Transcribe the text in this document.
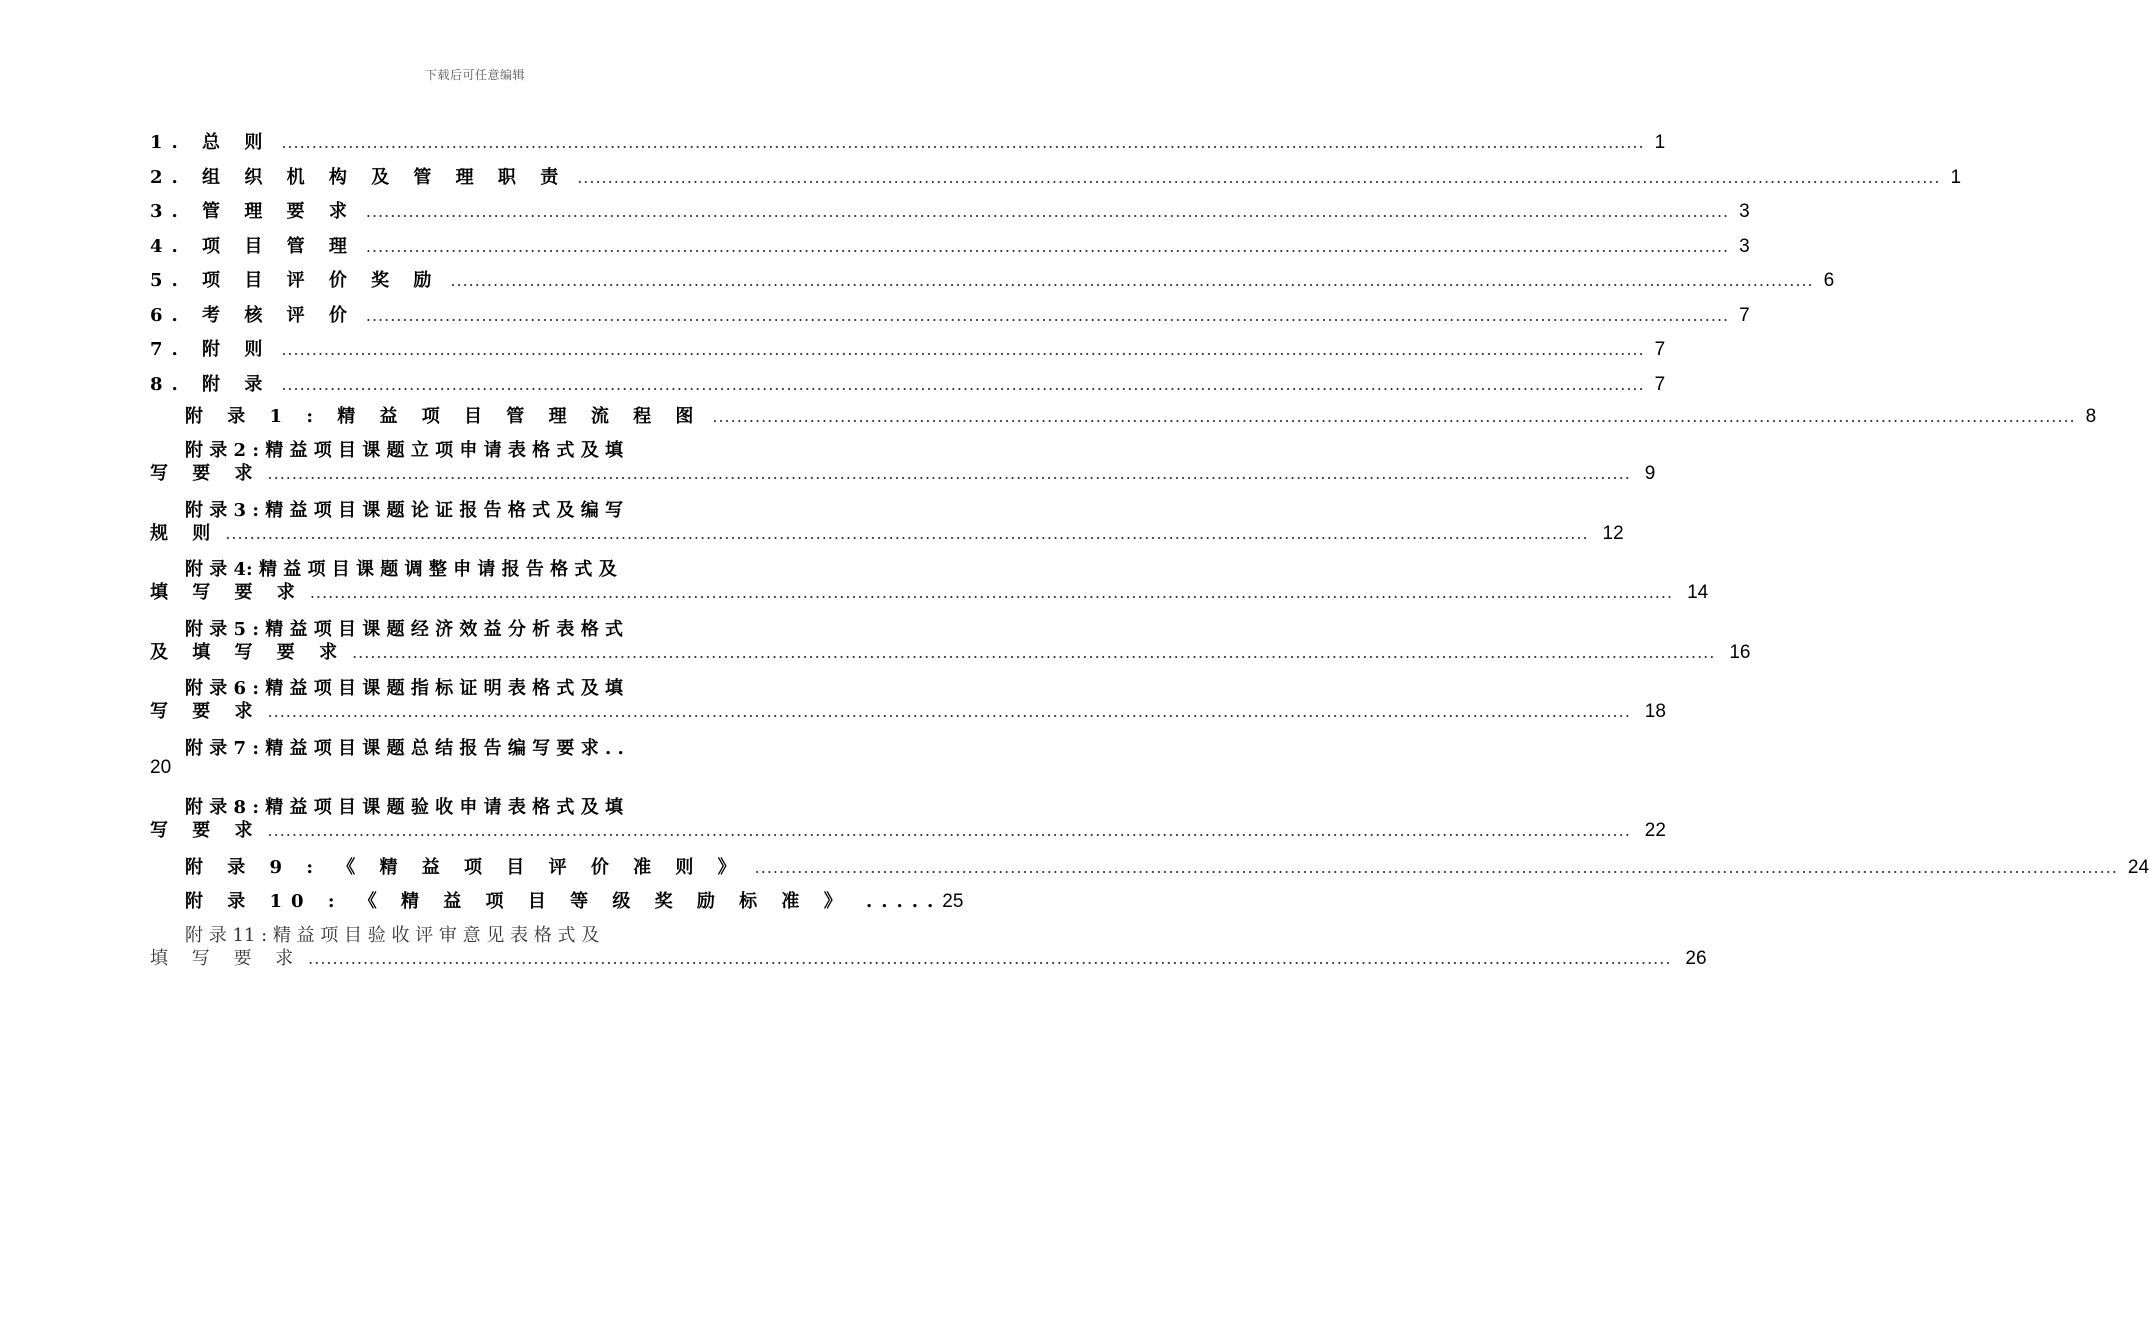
下载后可任意编辑
1. 总 则 .....	1
2. 组 织 机 构 及 管 理 职 责 .....	1
3. 管 理 要 求 .....	3
4. 项 目 管 理 .....	3
5. 项 目 评 价 奖 励 .....	6
6. 考 核 评 价 .....	7
7. 附 则 .....	7
8. 附 录 .....	7
附 录 1 : 精 益 项 目 管 理 流 程 图 .....	8
附 录 2 : 精 益 项 目 课 题 立 项 申 请 表 格 式 及 填
写 要 求 .....	9
附 录 3 : 精 益 项 目 课 题 论 证 报 告 格 式 及 编 写
规 则 .....	12
附 录 4: 精 益 项 目 课 题 调 整 申 请 报 告 格 式 及
填 写 要 求 .....	14
附 录 5 : 精 益 项 目 课 题 经 济 效 益 分 析 表 格 式
及 填 写 要 求 .....	16
附 录 6 : 精 益 项 目 课 题 指 标 证 明 表 格 式 及 填
写 要 求 .....	18
附 录 7 : 精 益 项 目 课 题 总 结 报 告 编 写 要 求 . .
20
附 录 8 : 精 益 项 目 课 题 验 收 申 请 表 格 式 及 填
写 要 求 .....	22
附 录 9 : 《 精 益 项 目 评 价 准 则 》 .....	24
附 录 10 : 《 精 益 项 目 等 级 奖 励 标 准 》 ..... 25
附 录 11 : 精 益 项 目 验 收 评 审 意 见 表 格 式 及
填 写 要 求 .....	26
